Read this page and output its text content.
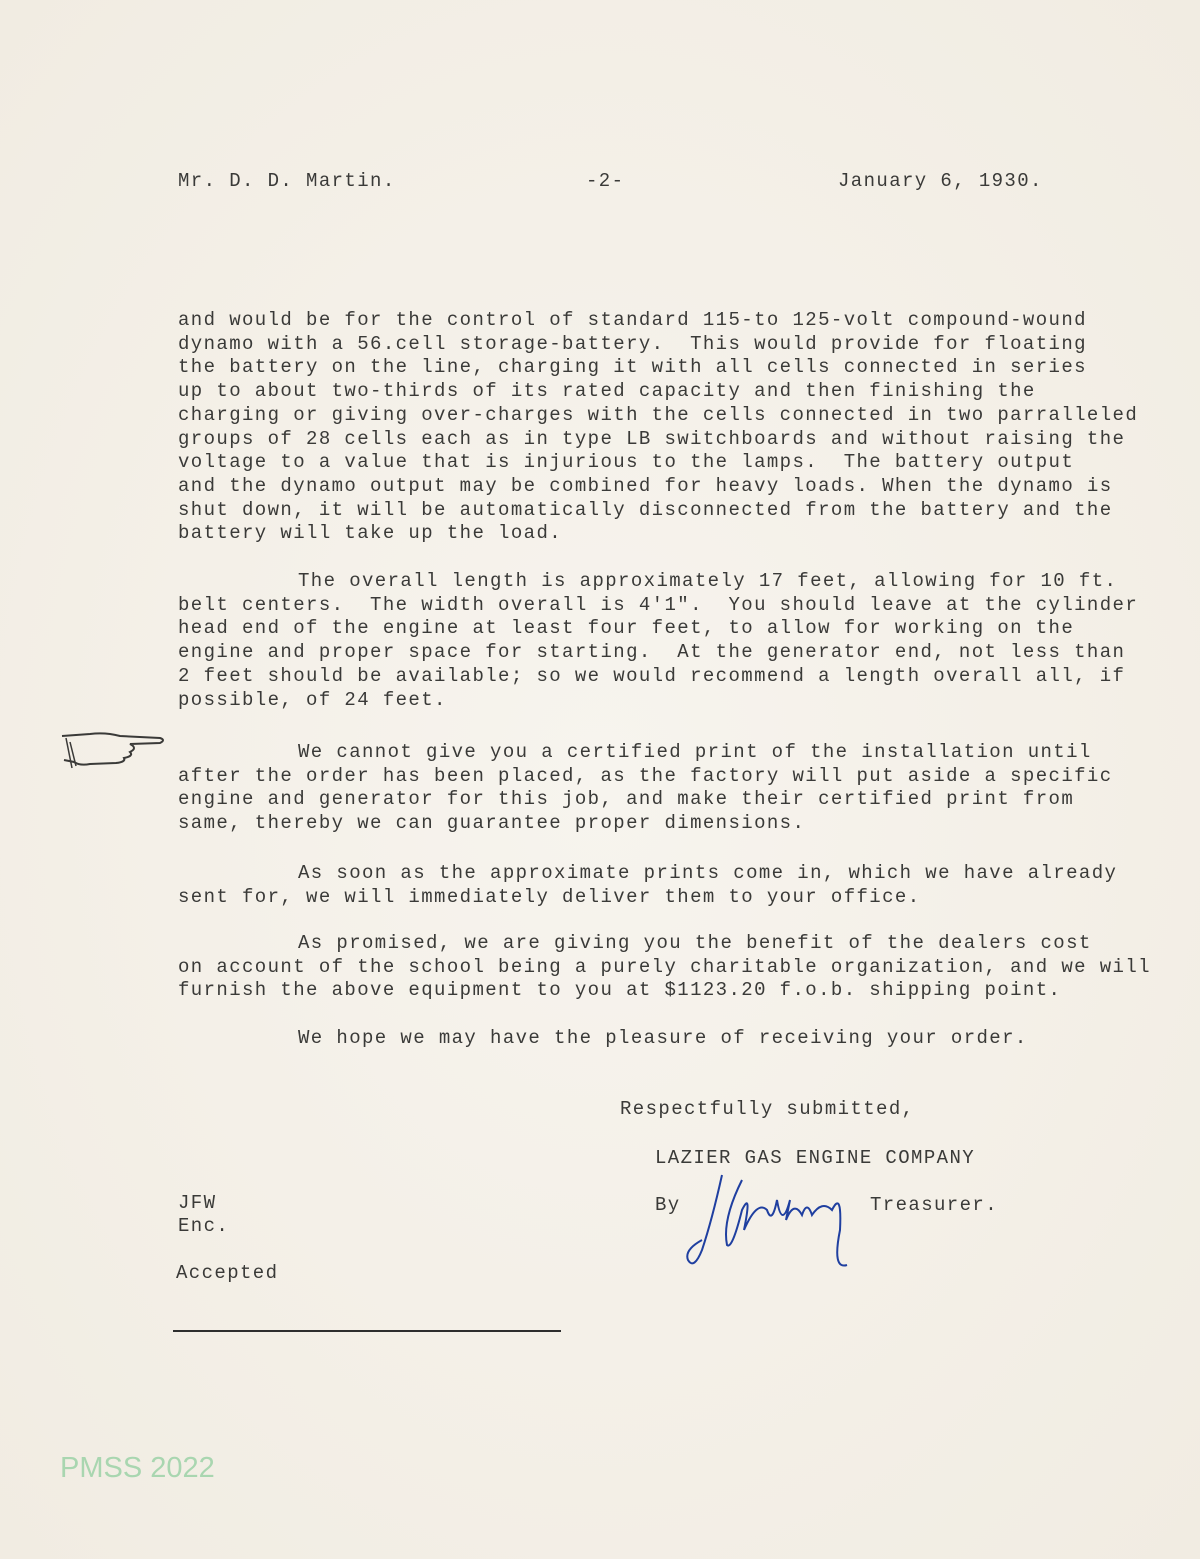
Mr. D. D. Martin.	-2-	January 6, 1930.
and would be for the control of standard 115-to 125-volt compound-wound
dynamo with a 56.cell storage-battery.  This would provide for floating
the battery on the line, charging it with all cells connected in series
up to about two-thirds of its rated capacity and then finishing the
charging or giving over-charges with the cells connected in two parralleled
groups of 28 cells each as in type LB switchboards and without raising the
voltage to a value that is injurious to the lamps.  The battery output
and the dynamo output may be combined for heavy loads. When the dynamo is
shut down, it will be automatically disconnected from the battery and the
battery will take up the load.
The overall length is approximately 17 feet, allowing for 10 ft.
belt centers.  The width overall is 4'1".  You should leave at the cylinder
head end of the engine at least four feet, to allow for working on the
engine and proper space for starting.  At the generator end, not less than
2 feet should be available; so we would recommend a length overall all, if
possible, of 24 feet.
We cannot give you a certified print of the installation until
after the order has been placed, as the factory will put aside a specific
engine and generator for this job, and make their certified print from
same, thereby we can guarantee proper dimensions.
As soon as the approximate prints come in, which we have already
sent for, we will immediately deliver them to your office.
As promised, we are giving you the benefit of the dealers cost
on account of the school being a purely charitable organization, and we will
furnish the above equipment to you at $1123.20 f.o.b. shipping point.
We hope we may have the pleasure of receiving your order.
Respectfully submitted,
LAZIER GAS ENGINE COMPANY
By	Treasurer.
JFW
Enc.
Accepted
PMSS 2022
